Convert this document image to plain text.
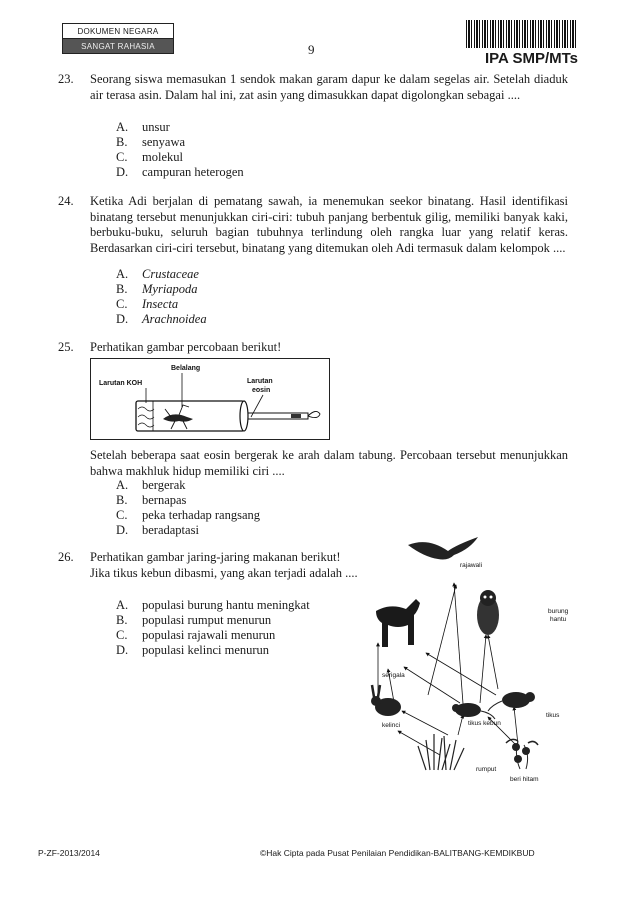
DOKUMEN NEGARA
SANGAT RAHASIA	9
IPA SMP/MTs
23. Seorang siswa memasukan 1 sendok makan garam dapur ke dalam segelas air. Setelah diaduk air terasa asin. Dalam hal ini, zat asin yang dimasukkan dapat digolongkan sebagai ....
A. unsur
B. senyawa
C. molekul
D. campuran heterogen
24. Ketika Adi berjalan di pematang sawah, ia menemukan seekor binatang. Hasil identifikasi binatang tersebut menunjukkan ciri-ciri: tubuh panjang berbentuk gilig, memiliki banyak kaki, berbuku-buku, seluruh bagian tubuhnya terlindung oleh rangka luar yang relatif keras. Berdasarkan ciri-ciri tersebut, binatang yang ditemukan oleh Adi termasuk dalam kelompok ....
A. Crustaceae
B. Myriapoda
C. Insecta
D. Arachnoidea
25. Perhatikan gambar percobaan berikut!
Belalang
Larutan KOH	Larutan
eosin
Setelah beberapa saat eosin bergerak ke arah dalam tabung. Percobaan tersebut menunjukkan bahwa makhluk hidup memiliki ciri ....
A. bergerak
B. bernapas
C. peka terhadap rangsang
D. beradaptasi
26. Perhatikan gambar jaring-jaring makanan berikut!
Jika tikus kebun dibasmi, yang akan terjadi adalah ....
A. populasi burung hantu meningkat
B. populasi rumput menurun
C. populasi rajawali menurun
D. populasi kelinci menurun
rajawali
burung
hantu
serigala
kelinci	tikus kebun
tikus
rumput
beri hitam
P-ZF-2013/2014	©Hak Cipta pada Pusat Penilaian Pendidikan-BALITBANG-KEMDIKBUD
